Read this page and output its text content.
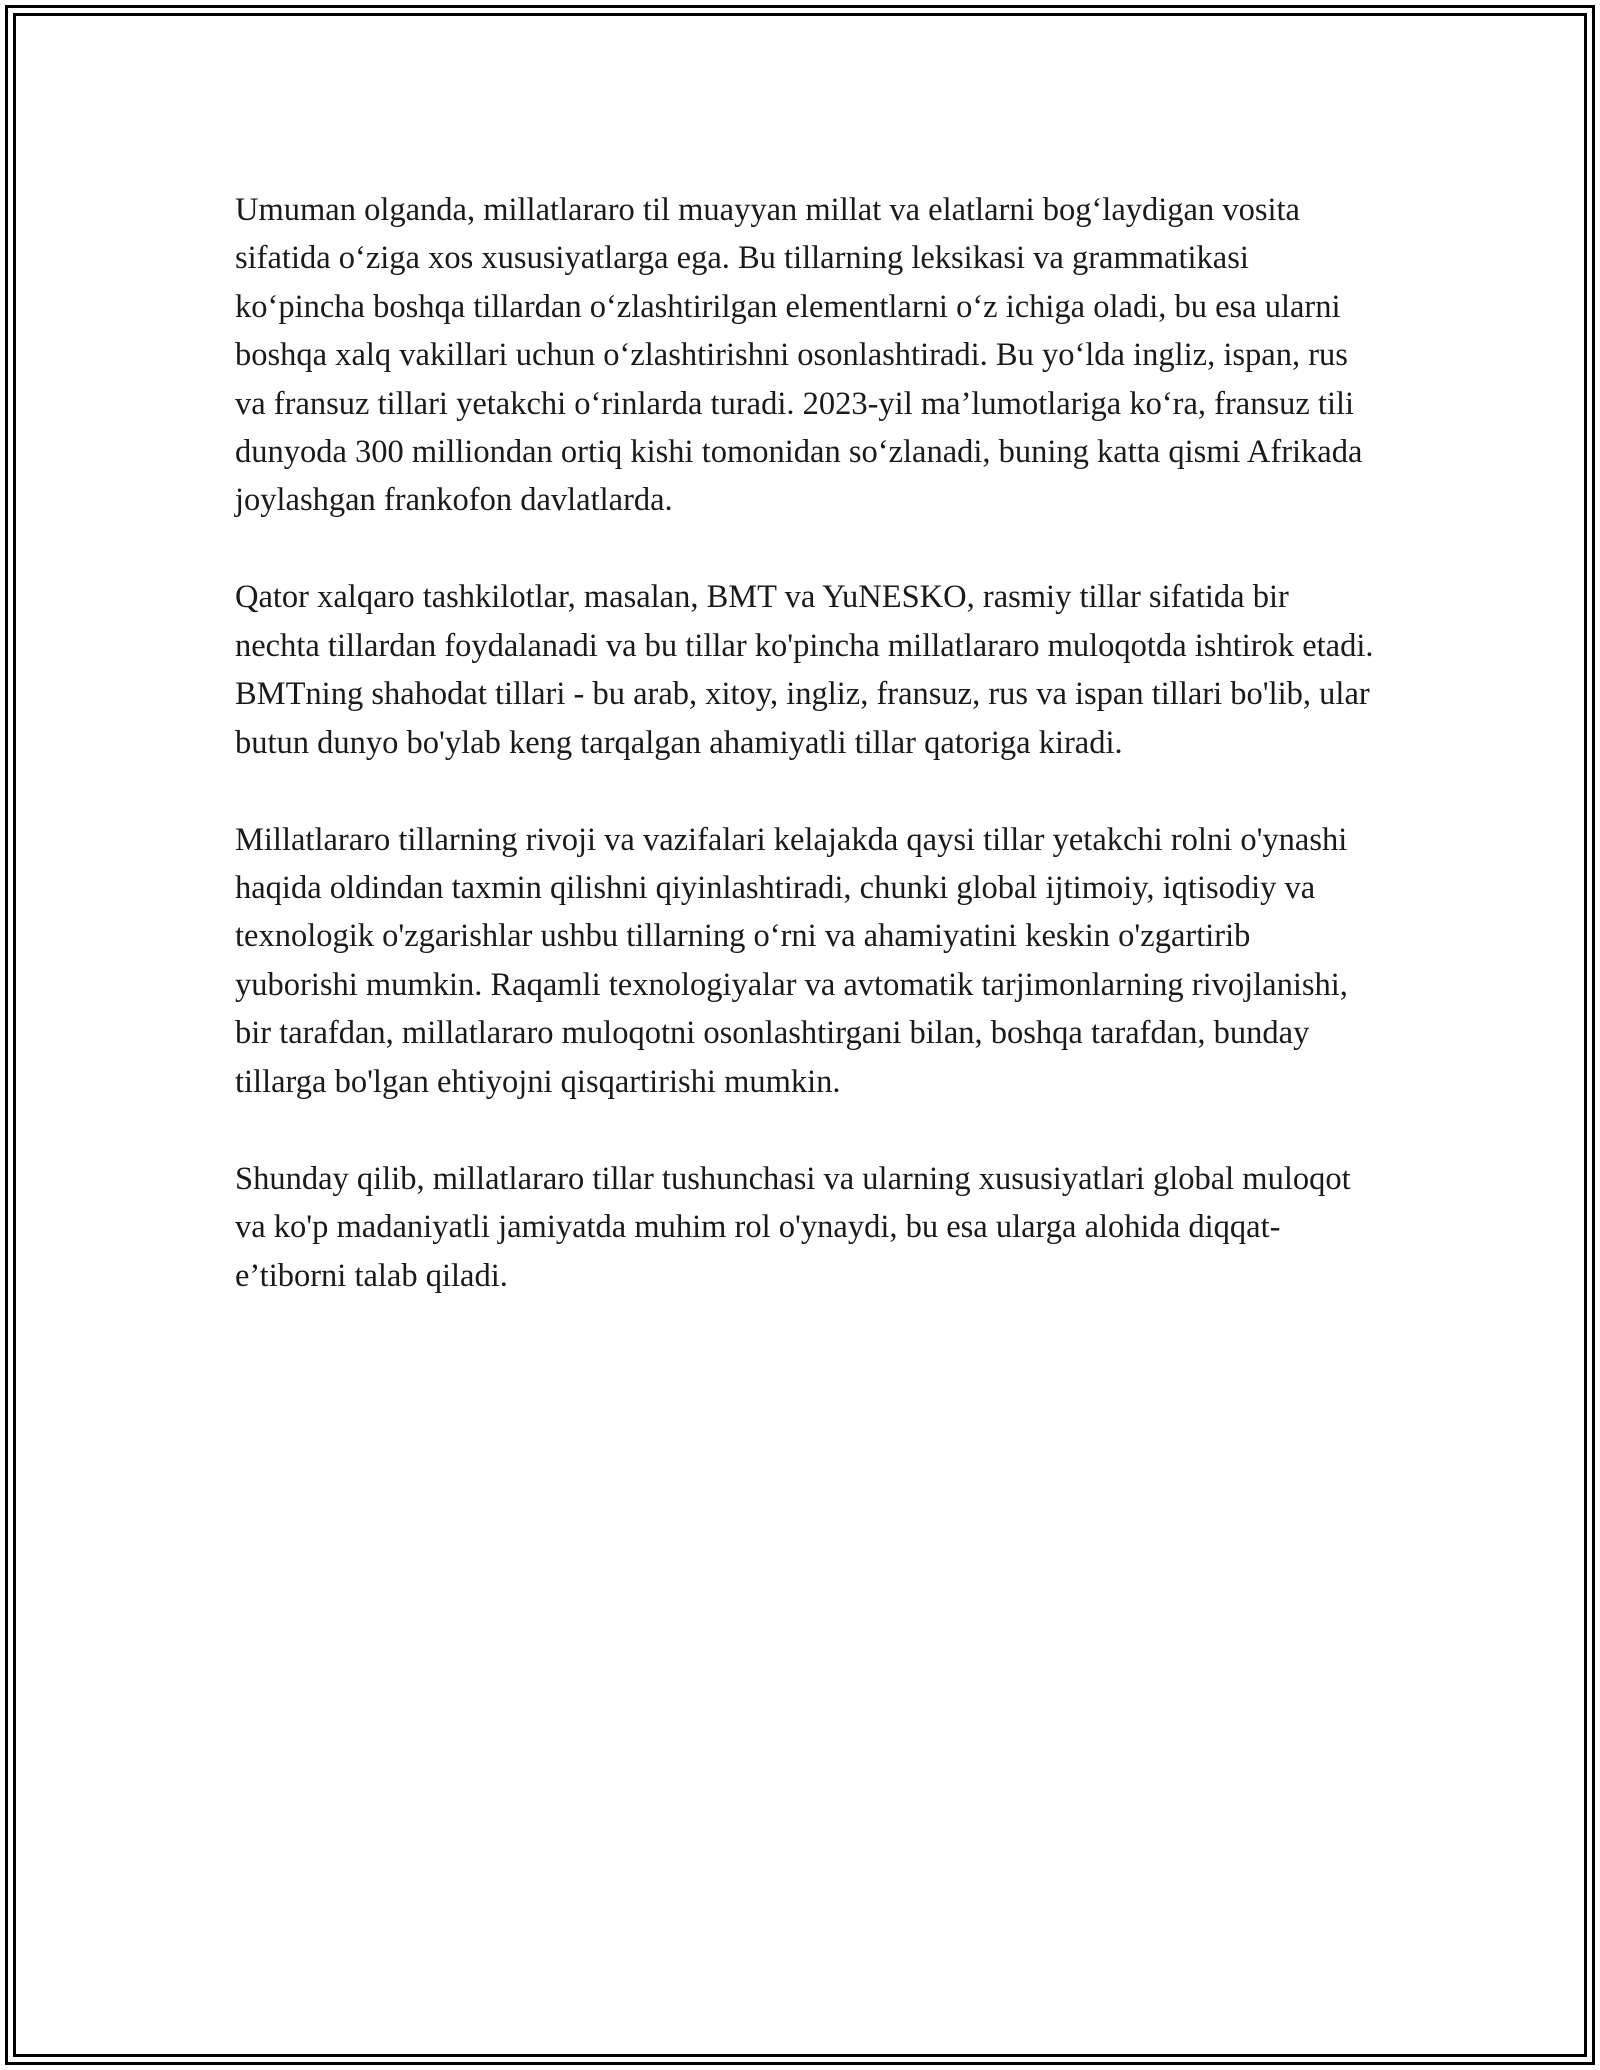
Umuman olganda, millatlararo til muayyan millat va elatlarni bog‘laydigan vosita sifatida o‘ziga xos xususiyatlarga ega. Bu tillarning leksikasi va grammatikasi ko‘pincha boshqa tillardan o‘zlashtirilgan elementlarni o‘z ichiga oladi, bu esa ularni boshqa xalq vakillari uchun o‘zlashtirishni osonlashtiradi. Bu yo‘lda ingliz, ispan, rus va fransuz tillari yetakchi o‘rinlarda turadi. 2023-yil ma’lumotlariga ko‘ra, fransuz tili dunyoda 300 milliondan ortiq kishi tomonidan so‘zlanadi, buning katta qismi Afrikada joylashgan frankofon davlatlarda.

Qator xalqaro tashkilotlar, masalan, BMT va YuNESKO, rasmiy tillar sifatida bir nechta tillardan foydalanadi va bu tillar ko'pincha millatlararo muloqotda ishtirok etadi. BMTning shahodat tillari - bu arab, xitoy, ingliz, fransuz, rus va ispan tillari bo'lib, ular butun dunyo bo'ylab keng tarqalgan ahamiyatli tillar qatoriga kiradi.

Millatlararo tillarning rivoji va vazifalari kelajakda qaysi tillar yetakchi rolni o'ynashi haqida oldindan taxmin qilishni qiyinlashtiradi, chunki global ijtimoiy, iqtisodiy va texnologik o'zgarishlar ushbu tillarning o‘rni va ahamiyatini keskin o'zgartirib yuborishi mumkin. Raqamli texnologiyalar va avtomatik tarjimonlarning rivojlanishi, bir tarafdan, millatlararo muloqotni osonlashtirgani bilan, boshqa tarafdan, bunday tillarga bo'lgan ehtiyojni qisqartirishi mumkin.

Shunday qilib, millatlararo tillar tushunchasi va ularning xususiyatlari global muloqot va ko'p madaniyatli jamiyatda muhim rol o'ynaydi, bu esa ularga alohida diqqat-e’tiborni talab qiladi.
